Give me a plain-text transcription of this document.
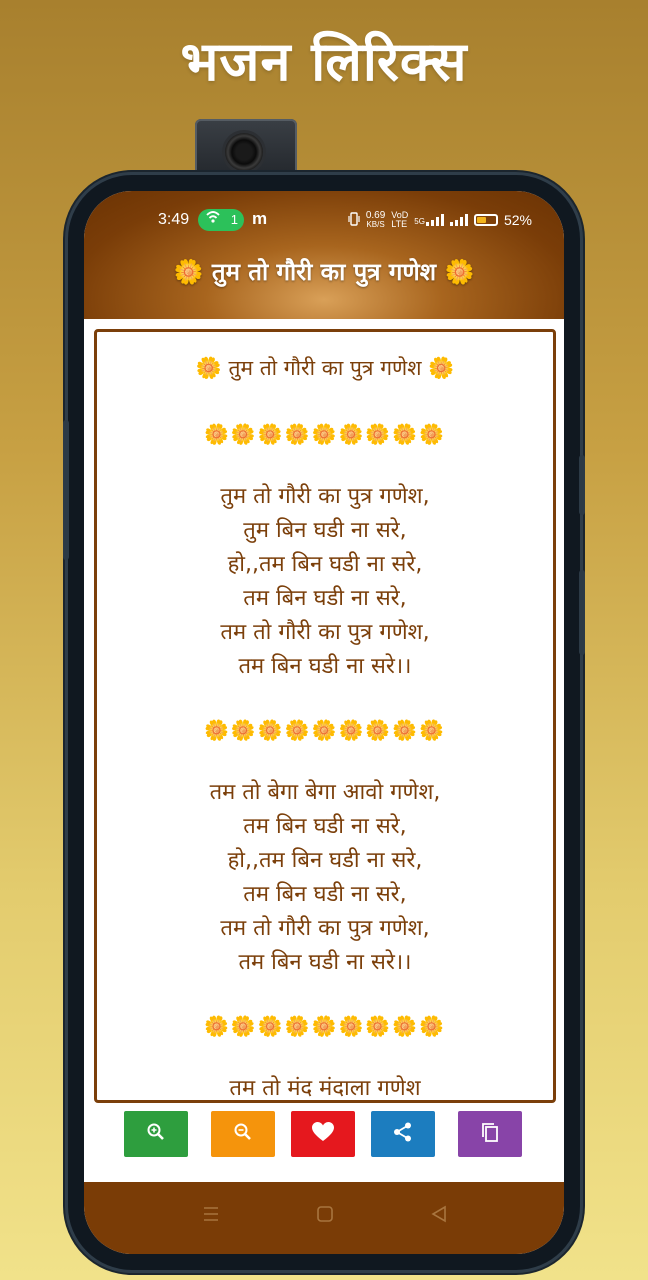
भजन लिरिक्स
3:49	1 m	0.69
KB/S
VoD
LTE 5G	52%
🌼 तुम तो गौरी का पुत्र गणेश 🌼
🌼 तुम तो गौरी का पुत्र गणेश 🌼
🌼🌼🌼🌼🌼🌼🌼🌼🌼
तुम तो गौरी का पुत्र गणेश,
तुम बिन घडी ना सरे,
हो,,तम बिन घडी ना सरे,
तम बिन घडी ना सरे,
तम तो गौरी का पुत्र गणेश,
तम बिन घडी ना सरे।।
🌼🌼🌼🌼🌼🌼🌼🌼🌼
तम तो बेगा बेगा आवो गणेश,
तम बिन घडी ना सरे,
हो,,तम बिन घडी ना सरे,
तम बिन घडी ना सरे,
तम तो गौरी का पुत्र गणेश,
तम बिन घडी ना सरे।।
🌼🌼🌼🌼🌼🌼🌼🌼🌼
तम तो मंद मंदाला गणेश
